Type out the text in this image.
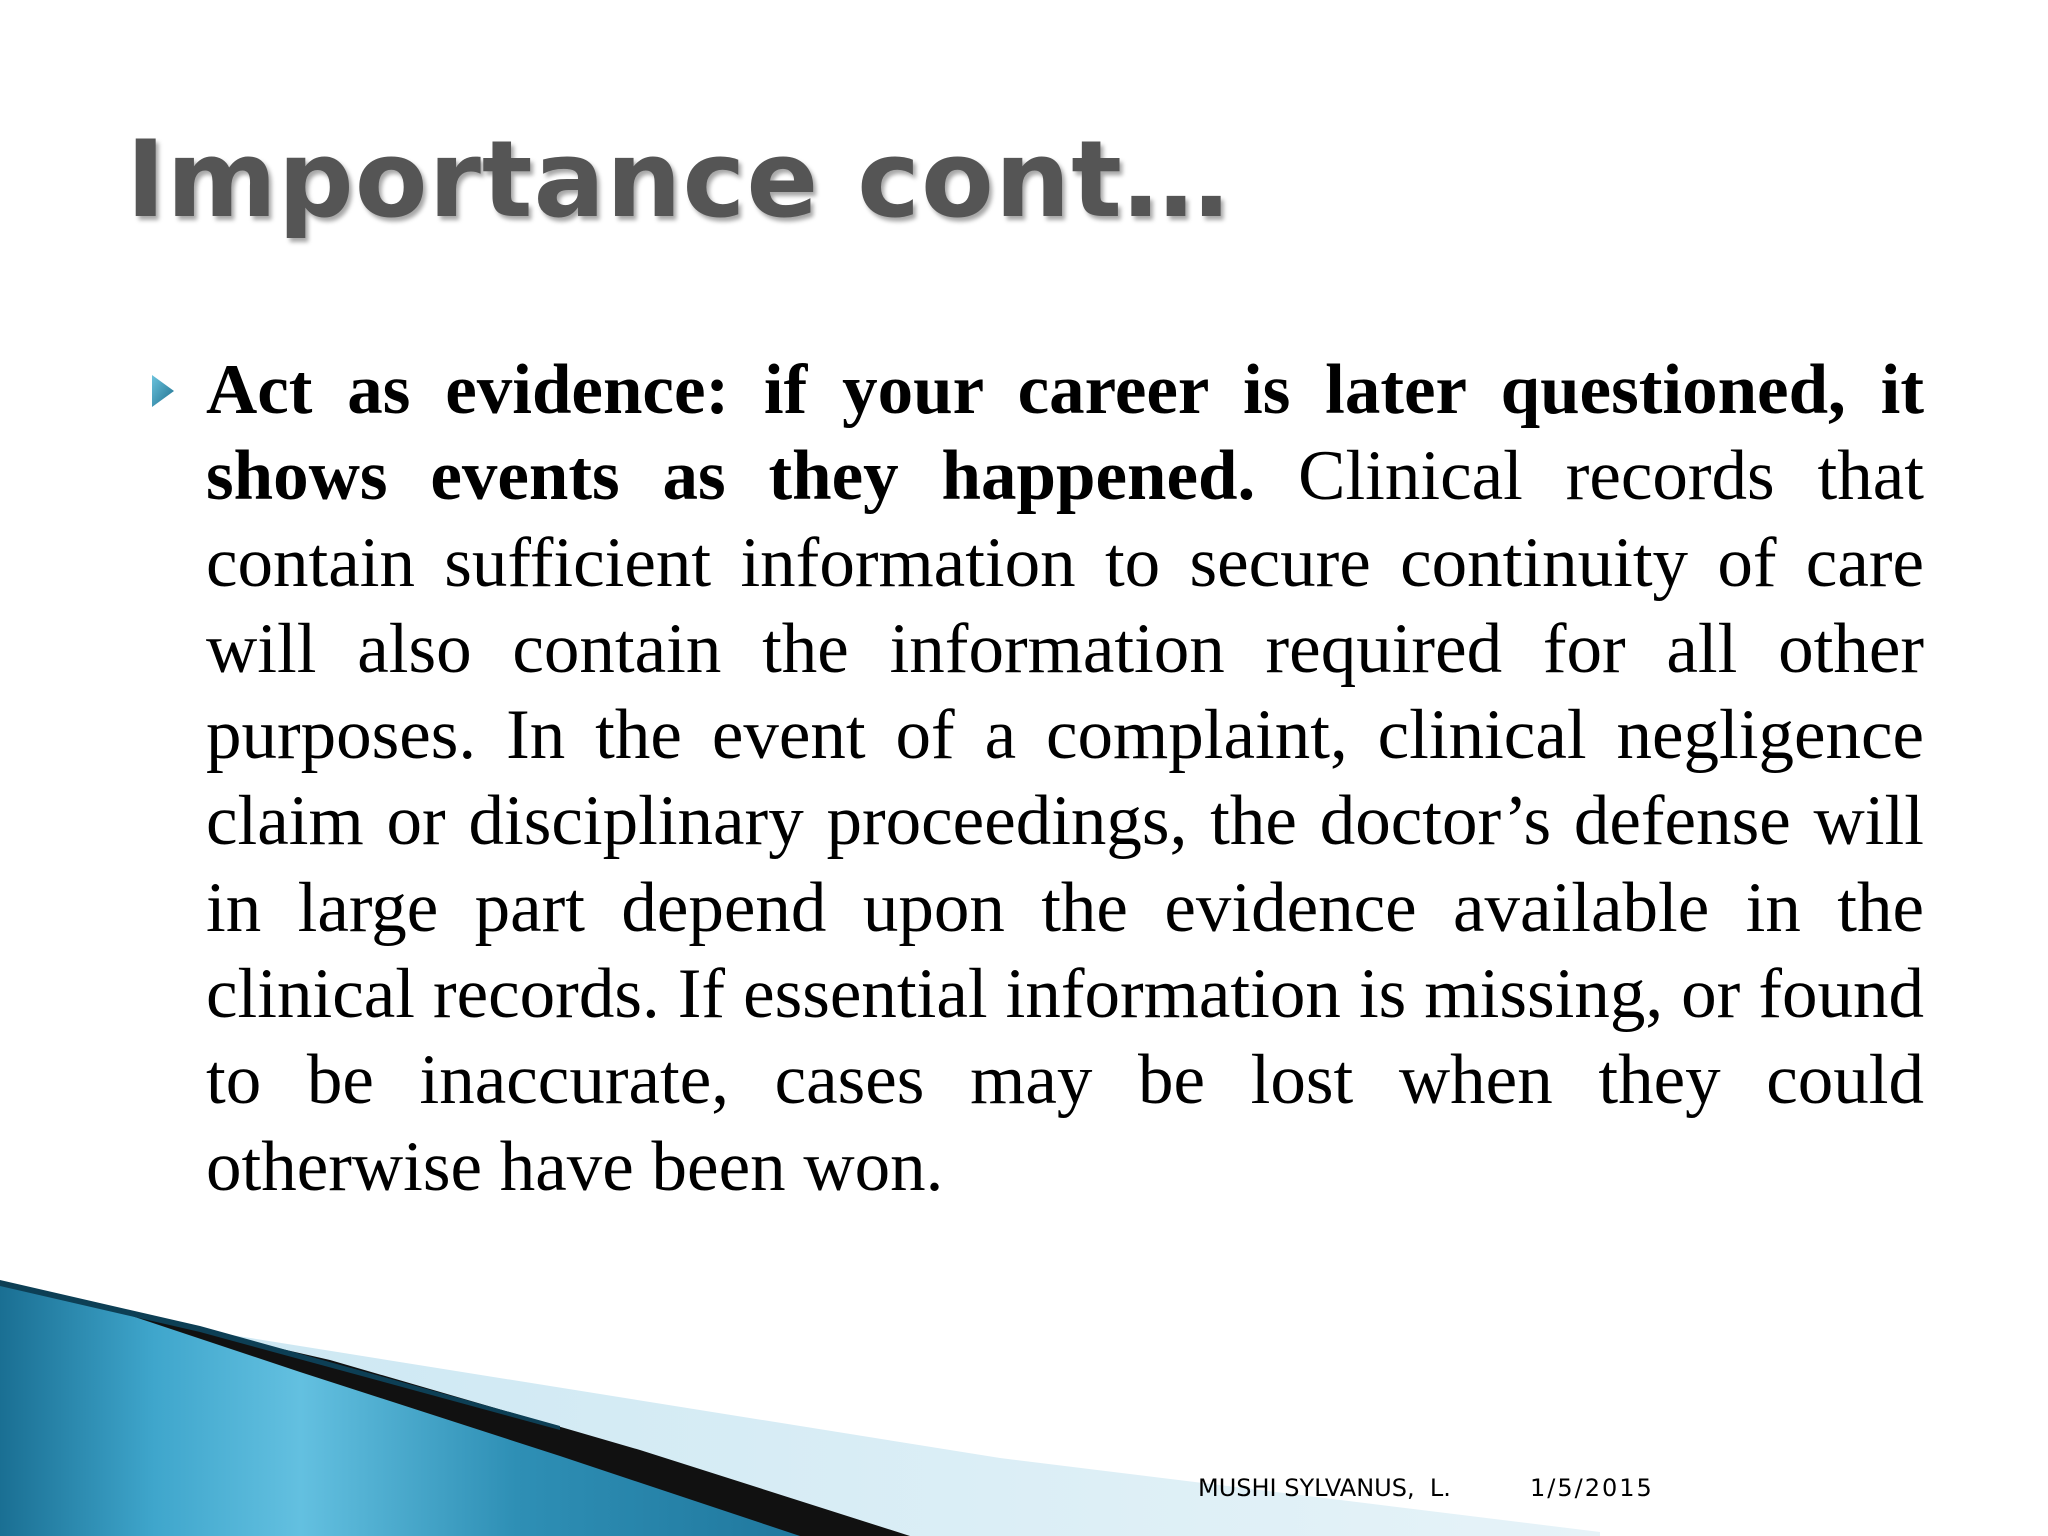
Importance cont…

Act as evidence: if your career is later questioned, it shows events as they happened. Clinical records that contain sufficient information to secure continuity of care will also contain the information required for all other purposes. In the event of a complaint, clinical negligence claim or disciplinary proceedings, the doctor’s defense will in large part depend upon the evidence available in the clinical records. If essential information is missing, or found to be inaccurate, cases may be lost when they could otherwise have been won.

MUSHI SYLVANUS,  L.	1/5/2015
